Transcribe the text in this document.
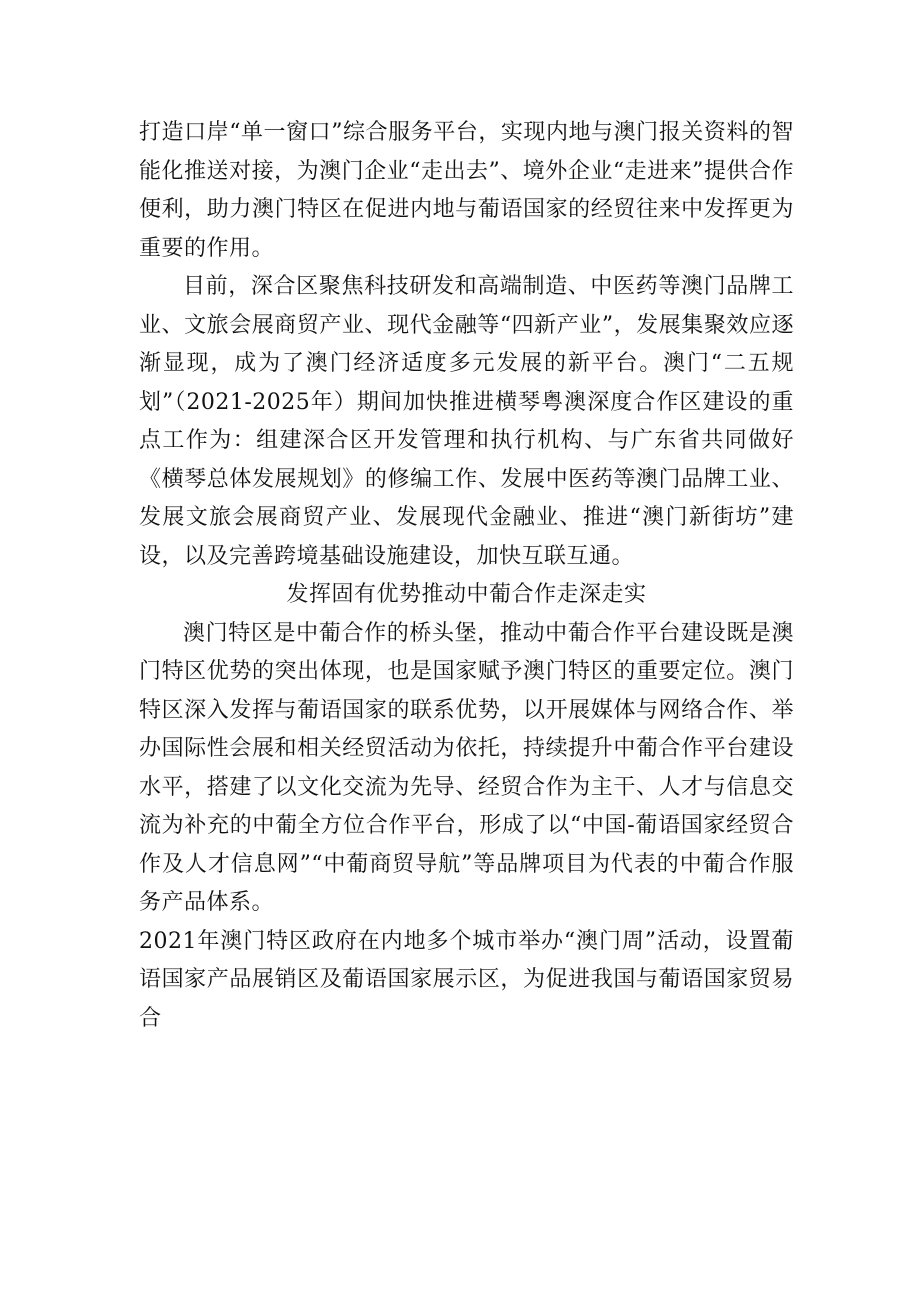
打造口岸“单一窗口”综合服务平台，实现内地与澳门报关资料的智能化推送对接，为澳门企业“走出去”、境外企业“走进来”提供合作便利，助力澳门特区在促进内地与葡语国家的经贸往来中发挥更为重要的作用。

目前，深合区聚焦科技研发和高端制造、中医药等澳门品牌工业、文旅会展商贸产业、现代金融等“四新产业”，发展集聚效应逐渐显现，成为了澳门经济适度多元发展的新平台。澳门“二五规划”（2021-2025年）期间加快推进横琴粤澳深度合作区建设的重点工作为：组建深合区开发管理和执行机构、与广东省共同做好《横琴总体发展规划》的修编工作、发展中医药等澳门品牌工业、发展文旅会展商贸产业、发展现代金融业、推进“澳门新街坊”建设，以及完善跨境基础设施建设，加快互联互通。

发挥固有优势推动中葡合作走深走实

澳门特区是中葡合作的桥头堡，推动中葡合作平台建设既是澳门特区优势的突出体现，也是国家赋予澳门特区的重要定位。澳门特区深入发挥与葡语国家的联系优势，以开展媒体与网络合作、举办国际性会展和相关经贸活动为依托，持续提升中葡合作平台建设水平，搭建了以文化交流为先导、经贸合作为主干、人才与信息交流为补充的中葡全方位合作平台，形成了以“中国-葡语国家经贸合作及人才信息网”“中葡商贸导航”等品牌项目为代表的中葡合作服务产品体系。

2021年澳门特区政府在内地多个城市举办“澳门周”活动，设置葡语国家产品展销区及葡语国家展示区，为促进我国与葡语国家贸易合
